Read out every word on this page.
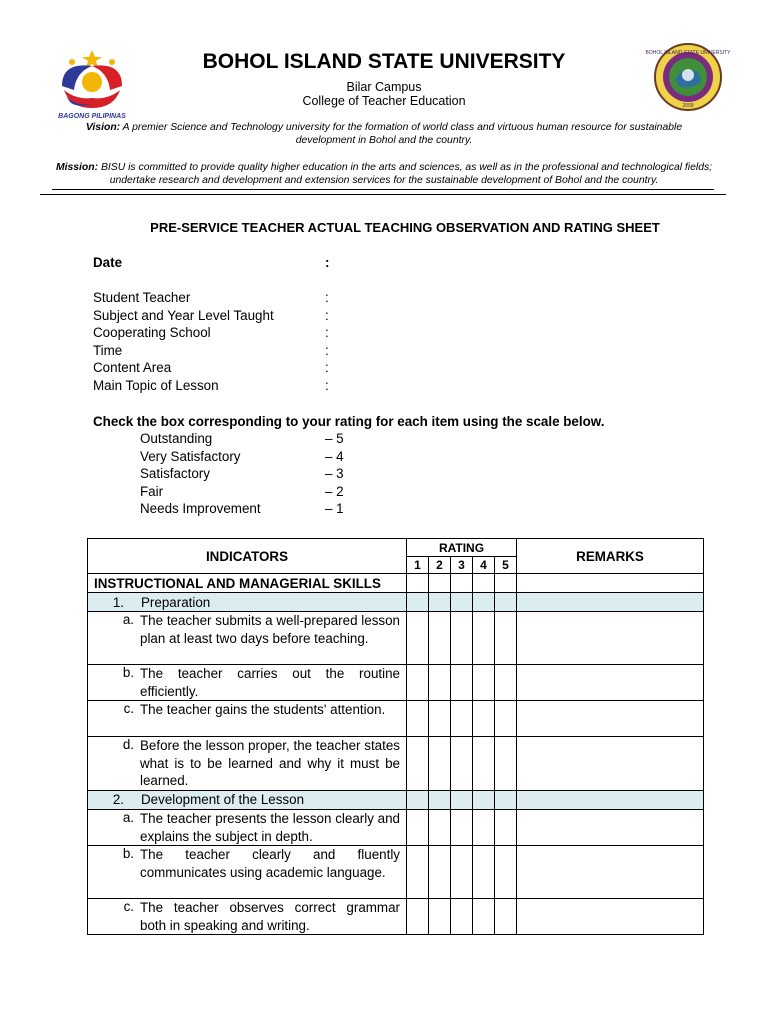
BAGONG PILIPINAS
BOHOL ISLAND STATE UNIVERSITY
2009
BOHOL ISLAND STATE UNIVERSITY
Bilar Campus
College of Teacher Education
Vision: A premier Science and Technology university for the formation of world class and virtuous human resource for sustainable development in Bohol and the country.
Mission: BISU is committed to provide quality higher education in the arts and sciences, as well as in the professional and technological fields; undertake research and development and extension services for the sustainable development of Bohol and the country.
PRE-SERVICE TEACHER ACTUAL TEACHING OBSERVATION AND RATING SHEET
Date	:
Student Teacher	:
Subject and Year Level Taught	:
Cooperating School	:
Time	:
Content Area	:
Main Topic of Lesson	:
Check the box corresponding to your rating for each item using the scale below.
Outstanding	– 5
Very Satisfactory	– 4
Satisfactory	– 3
Fair	– 2
Needs Improvement	– 1
INDICATORS	RATING					REMARKS
	1	2	3	4	5	
INSTRUCTIONAL AND MANAGERIAL SKILLS						

1. Preparation						

a. The teacher submits a well-prepared lesson plan at least two days before teaching.						

b. The teacher carries out the routine efficiently.						

c. The teacher gains the students' attention.						

d. Before the lesson proper, the teacher states what is to be learned and why it must be learned.						

2. Development of the Lesson						

a. The teacher presents the lesson clearly and explains the subject in depth.						

b. The teacher clearly and fluently communicates using academic language.						

c. The teacher observes correct grammar both in speaking and writing.						
